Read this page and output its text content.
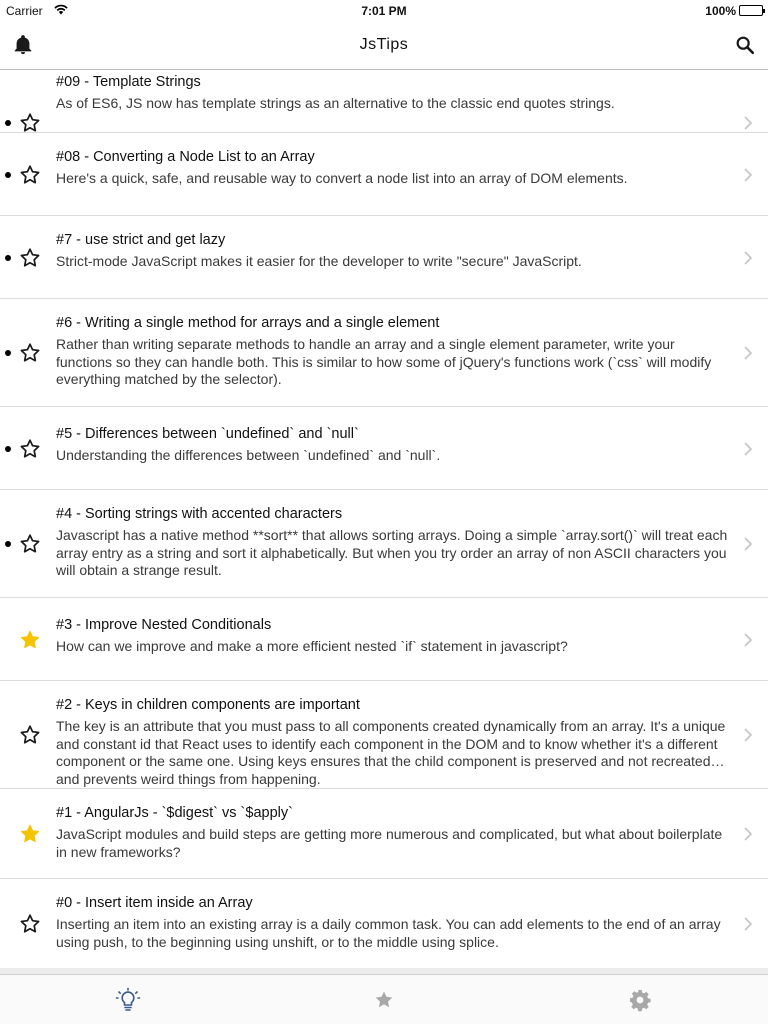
Carrier	7:01 PM	100%
JsTips
#09 - Template Strings
As of ES6, JS now has template strings as an alternative to the classic end quotes strings.
#08 - Converting a Node List to an Array
Here's a quick, safe, and reusable way to convert a node list into an array of DOM elements.
#7 - use strict and get lazy
Strict-mode JavaScript makes it easier for the developer to write "secure" JavaScript.
#6 - Writing a single method for arrays and a single element
Rather than writing separate methods to handle an array and a single element parameter, write your functions so they can handle both. This is similar to how some of jQuery's functions work (`css` will modify everything matched by the selector).
#5 - Differences between `undefined` and `null`
Understanding the differences between `undefined` and `null`.
#4 - Sorting strings with accented characters
Javascript has a native method **sort** that allows sorting arrays. Doing a simple `array.sort()` will treat each array entry as a string and sort it alphabetically. But when you try order an array of non ASCII characters you will obtain a strange result.
#3 - Improve Nested Conditionals
How can we improve and make a more efficient nested `if` statement in javascript?
#2 - Keys in children components are important
The key is an attribute that you must pass to all components created dynamically from an array. It's a unique and constant id that React uses to identify each component in the DOM and to know whether it's a different component or the same one. Using keys ensures that the child component is preserved and not recreated and prevents weird things from happening.
#1 - AngularJs - `$digest` vs `$apply`
JavaScript modules and build steps are getting more numerous and complicated, but what about boilerplate in new frameworks?
#0 - Insert item inside an Array
Inserting an item into an existing array is a daily common task. You can add elements to the end of an array using push, to the beginning using unshift, or to the middle using splice.
